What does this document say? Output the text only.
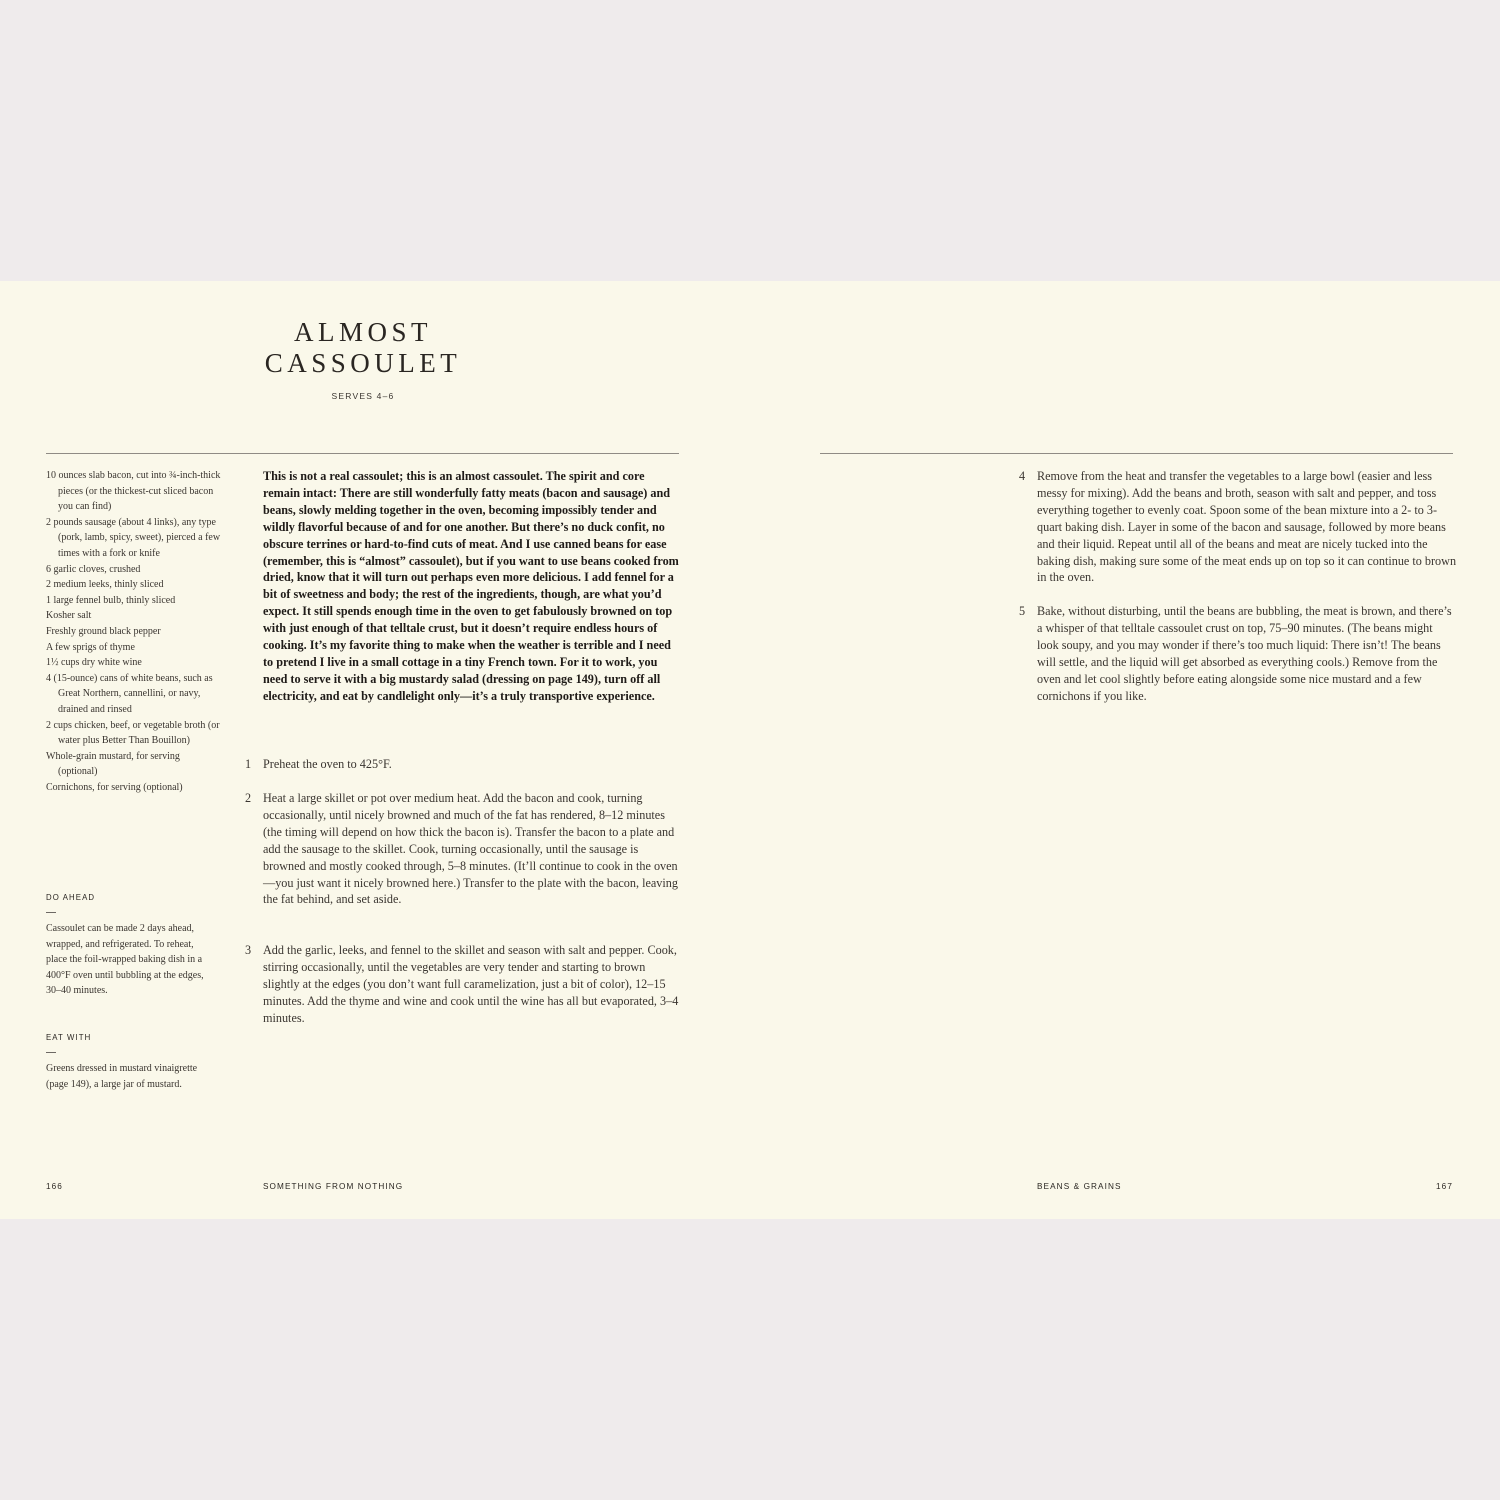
ALMOST
CASSOULET
SERVES 4–6
10 ounces slab bacon, cut into ¾-inch-thick pieces (or the thickest-cut sliced bacon you can find)
2 pounds sausage (about 4 links), any type (pork, lamb, spicy, sweet), pierced a few times with a fork or knife
6 garlic cloves, crushed
2 medium leeks, thinly sliced
1 large fennel bulb, thinly sliced
Kosher salt
Freshly ground black pepper
A few sprigs of thyme
1½ cups dry white wine
4 (15-ounce) cans of white beans, such as Great Northern, cannellini, or navy, drained and rinsed
2 cups chicken, beef, or vegetable broth (or water plus Better Than Bouillon)
Whole-grain mustard, for serving (optional)
Cornichons, for serving (optional)
DO AHEAD
Cassoulet can be made 2 days ahead, wrapped, and refrigerated. To reheat, place the foil-wrapped baking dish in a 400°F oven until bubbling at the edges, 30–40 minutes.
EAT WITH
Greens dressed in mustard vinaigrette (page 149), a large jar of mustard.
This is not a real cassoulet; this is an almost cassoulet. The spirit and core remain intact: There are still wonderfully fatty meats (bacon and sausage) and beans, slowly melding together in the oven, becoming impossibly tender and wildly flavorful because of and for one another. But there’s no duck confit, no obscure terrines or hard-to-find cuts of meat. And I use canned beans for ease (remember, this is “almost” cassoulet), but if you want to use beans cooked from dried, know that it will turn out perhaps even more delicious. I add fennel for a bit of sweetness and body; the rest of the ingredients, though, are what you’d expect. It still spends enough time in the oven to get fabulously browned on top with just enough of that telltale crust, but it doesn’t require endless hours of cooking. It’s my favorite thing to make when the weather is terrible and I need to pretend I live in a small cottage in a tiny French town. For it to work, you need to serve it with a big mustardy salad (dressing on page 149), turn off all electricity, and eat by candlelight only—it’s a truly transportive experience.
1 Preheat the oven to 425°F.
2 Heat a large skillet or pot over medium heat. Add the bacon and cook, turning occasionally, until nicely browned and much of the fat has rendered, 8–12 minutes (the timing will depend on how thick the bacon is). Transfer the bacon to a plate and add the sausage to the skillet. Cook, turning occasionally, until the sausage is browned and mostly cooked through, 5–8 minutes. (It’ll continue to cook in the oven—you just want it nicely browned here.) Transfer to the plate with the bacon, leaving the fat behind, and set aside.
3 Add the garlic, leeks, and fennel to the skillet and season with salt and pepper. Cook, stirring occasionally, until the vegetables are very tender and starting to brown slightly at the edges (you don’t want full caramelization, just a bit of color), 12–15 minutes. Add the thyme and wine and cook until the wine has all but evaporated, 3–4 minutes.
4 Remove from the heat and transfer the vegetables to a large bowl (easier and less messy for mixing). Add the beans and broth, season with salt and pepper, and toss everything together to evenly coat. Spoon some of the bean mixture into a 2- to 3-quart baking dish. Layer in some of the bacon and sausage, followed by more beans and their liquid. Repeat until all of the beans and meat are nicely tucked into the baking dish, making sure some of the meat ends up on top so it can continue to brown in the oven.
5 Bake, without disturbing, until the beans are bubbling, the meat is brown, and there’s a whisper of that telltale cassoulet crust on top, 75–90 minutes. (The beans might look soupy, and you may wonder if there’s too much liquid: There isn’t! The beans will settle, and the liquid will get absorbed as everything cools.) Remove from the oven and let cool slightly before eating alongside some nice mustard and a few cornichons if you like.
166	SOMETHING FROM NOTHING	BEANS & GRAINS	167
